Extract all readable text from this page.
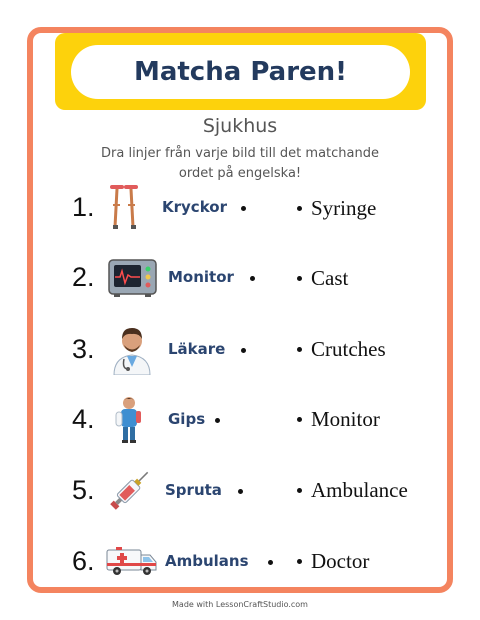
Matcha Paren!
Sjukhus
Dra linjer från varje bild till det matchande
ordet på engelska!
1.	Kryckor	Syringe
2.	Monitor	Cast
3.	Läkare	Crutches
4.	Gips	Monitor
5.	Spruta	Ambulance
6.	Ambulans	Doctor
Made with LessonCraftStudio.com
